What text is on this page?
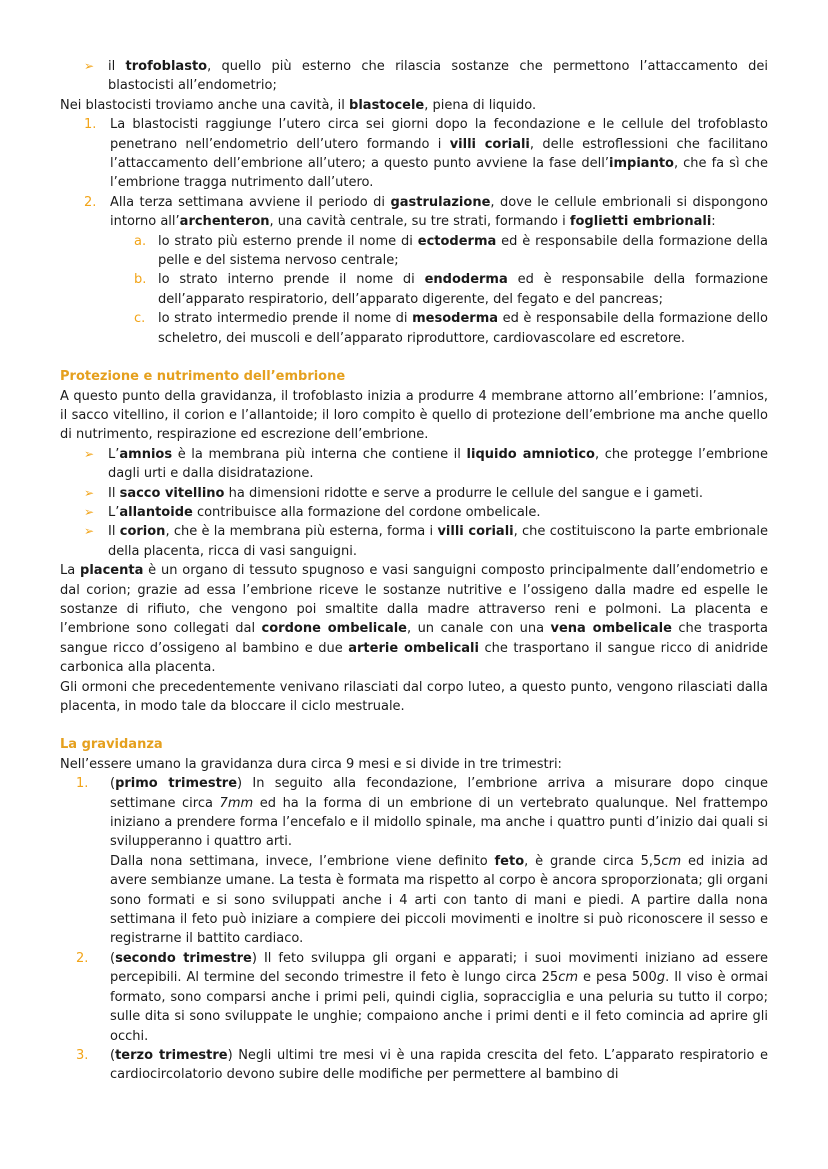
➢	il trofoblasto, quello più esterno che rilascia sostanze che permettono l’attaccamento dei blastocisti all’endometrio;

Nei blastocisti troviamo anche una cavità, il blastocele, piena di liquido.

1.	La blastocisti raggiunge l’utero circa sei giorni dopo la fecondazione e le cellule del trofoblasto penetrano nell’endometrio dell’utero formando i villi coriali, delle estroflessioni che facilitano l’attaccamento dell’embrione all’utero; a questo punto avviene la fase dell’impianto, che fa sì che l’embrione tragga nutrimento dall’utero.

2.	Alla terza settimana avviene il periodo di gastrulazione, dove le cellule embrionali si dispongono intorno all’archenteron, una cavità centrale, su tre strati, formando i foglietti embrionali:

a. lo strato più esterno prende il nome di ectoderma ed è responsabile della formazione della pelle e del sistema nervoso centrale;

b. lo strato interno prende il nome di endoderma ed è responsabile della formazione dell’apparato respiratorio, dell’apparato digerente, del fegato e del pancreas;

c. lo strato intermedio prende il nome di mesoderma ed è responsabile della formazione dello scheletro, dei muscoli e dell’apparato riproduttore, cardiovascolare ed escretore.

Protezione e nutrimento dell’embrione

A questo punto della gravidanza, il trofoblasto inizia a produrre 4 membrane attorno all’embrione: l’amnios, il sacco vitellino, il corion e l’allantoide; il loro compito è quello di protezione dell’embrione ma anche quello di nutrimento, respirazione ed escrezione dell’embrione.

➢	L’amnios è la membrana più interna che contiene il liquido amniotico, che protegge l’embrione dagli urti e dalla disidratazione.

➢	Il sacco vitellino ha dimensioni ridotte e serve a produrre le cellule del sangue e i gameti.

➢	L’allantoide contribuisce alla formazione del cordone ombelicale.

➢	Il corion, che è la membrana più esterna, forma i villi coriali, che costituiscono la parte embrionale della placenta, ricca di vasi sanguigni.

La placenta è un organo di tessuto spugnoso e vasi sanguigni composto principalmente dall’endometrio e dal corion; grazie ad essa l’embrione riceve le sostanze nutritive e l’ossigeno dalla madre ed espelle le sostanze di rifiuto, che vengono poi smaltite dalla madre attraverso reni e polmoni. La placenta e l’embrione sono collegati dal cordone ombelicale, un canale con una vena ombelicale che trasporta sangue ricco d’ossigeno al bambino e due arterie ombelicali che trasportano il sangue ricco di anidride carbonica alla placenta.

Gli ormoni che precedentemente venivano rilasciati dal corpo luteo, a questo punto, vengono rilasciati dalla placenta, in modo tale da bloccare il ciclo mestruale.

La gravidanza

Nell’essere umano la gravidanza dura circa 9 mesi e si divide in tre trimestri:

1.	(primo trimestre) In seguito alla fecondazione, l’embrione arriva a misurare dopo cinque settimane circa 7mm ed ha la forma di un embrione di un vertebrato qualunque. Nel frattempo iniziano a prendere forma l’encefalo e il midollo spinale, ma anche i quattro punti d’inizio dai quali si svilupperanno i quattro arti.

Dalla nona settimana, invece, l’embrione viene definito feto, è grande circa 5,5cm ed inizia ad avere sembianze umane. La testa è formata ma rispetto al corpo è ancora sproporzionata; gli organi sono formati e si sono sviluppati anche i 4 arti con tanto di mani e piedi. A partire dalla nona settimana il feto può iniziare a compiere dei piccoli movimenti e inoltre si può riconoscere il sesso e registrarne il battito cardiaco.

2.	(secondo trimestre) Il feto sviluppa gli organi e apparati; i suoi movimenti iniziano ad essere percepibili. Al termine del secondo trimestre il feto è lungo circa 25cm e pesa 500g. Il viso è ormai formato, sono comparsi anche i primi peli, quindi ciglia, sopracciglia e una peluria su tutto il corpo; sulle dita si sono sviluppate le unghie; compaiono anche i primi denti e il feto comincia ad aprire gli occhi.

3.	(terzo trimestre) Negli ultimi tre mesi vi è una rapida crescita del feto. L’apparato respiratorio e cardiocircolatorio devono subire delle modifiche per permettere al bambino di
